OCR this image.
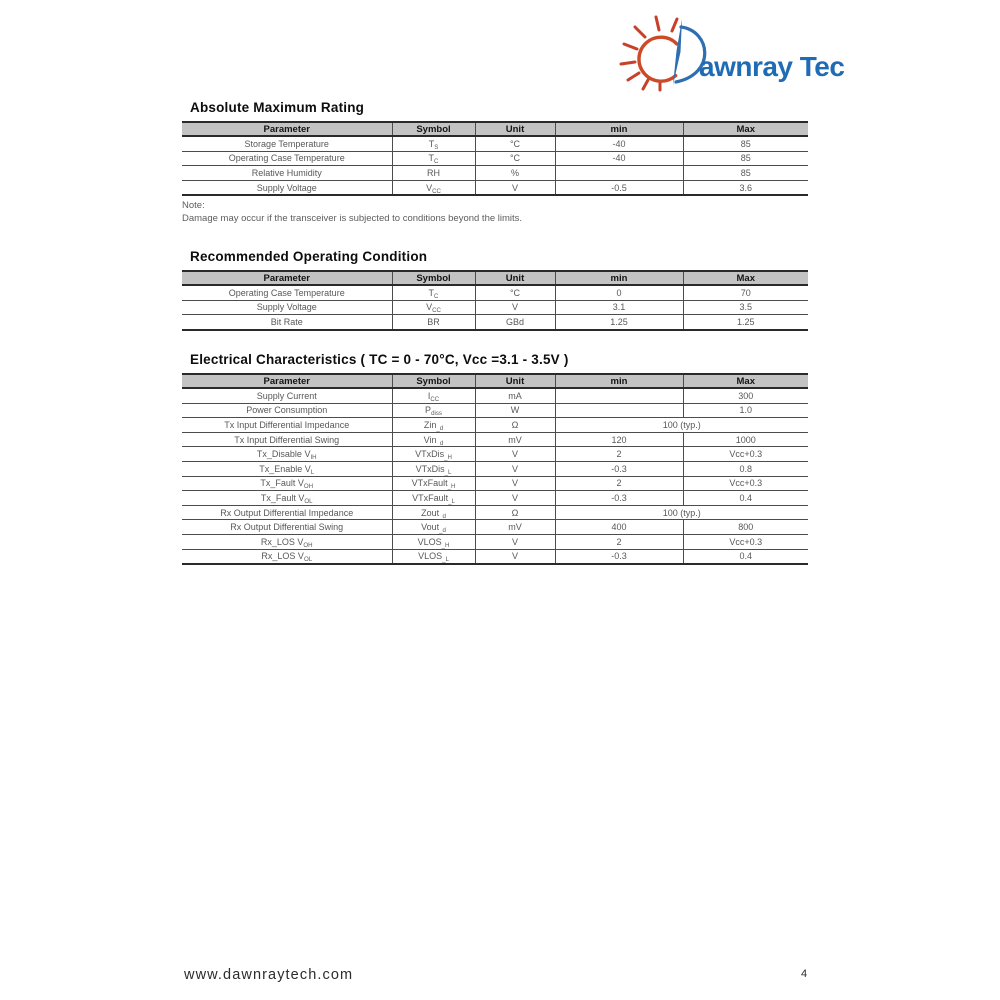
awnray Tech
Absolute Maximum Rating
Parameter	Symbol	Unit	min	Max
Storage Temperature	$T_S$	°C	-40	85
Operating Case Temperature	$T_C$	°C	-40	85
Relative Humidity	RH	%		85
Supply Voltage	$V_{CC}$	V	-0.5	3.6
Note:
Damage may occur if the transceiver is subjected to conditions beyond the limits.
Recommended Operating Condition
Parameter	Symbol	Unit	min	Max
Operating Case Temperature	$T_C$	°C	0	70
Supply Voltage	$V_{CC}$	V	3.1	3.5
Bit Rate	BR	GBd	1.25	1.25
Electrical Characteristics ( TC = 0 - 70°C, Vcc =3.1 - 3.5V )
Parameter	Symbol	Unit	min	Max
Supply Current	$I_{CC}$	mA		300
Power Consumption	$P_{diss}$	W		1.0
Tx Input Differential Impedance	Zin$_{\_d}$	Ω	100 (typ.)	
Tx Input Differential Swing	Vin$_{\_d}$	mV	120	1000
Tx_Disable $V_{IH}$	VTxDis$_{\_H}$	V	2	Vcc+0.3
Tx_Enable $V_L$	VTxDis$_{\_L}$	V	-0.3	0.8
Tx_Fault $V_{OH}$	VTxFault$_{\_H}$	V	2	Vcc+0.3
Tx_Fault $V_{OL}$	VTxFault$_{\_L}$	V	-0.3	0.4
Rx Output Differential Impedance	Zout$_{\_d}$	Ω	100 (typ.)	
Rx Output Differential Swing	Vout$_{\_d}$	mV	400	800
Rx_LOS $V_{OH}$	$VLOS_{\_H}$	V	2	Vcc+0.3
Rx_LOS $V_{OL}$	$VLOS_{\_L}$	V	-0.3	0.4
www.dawnraytech.com	4
